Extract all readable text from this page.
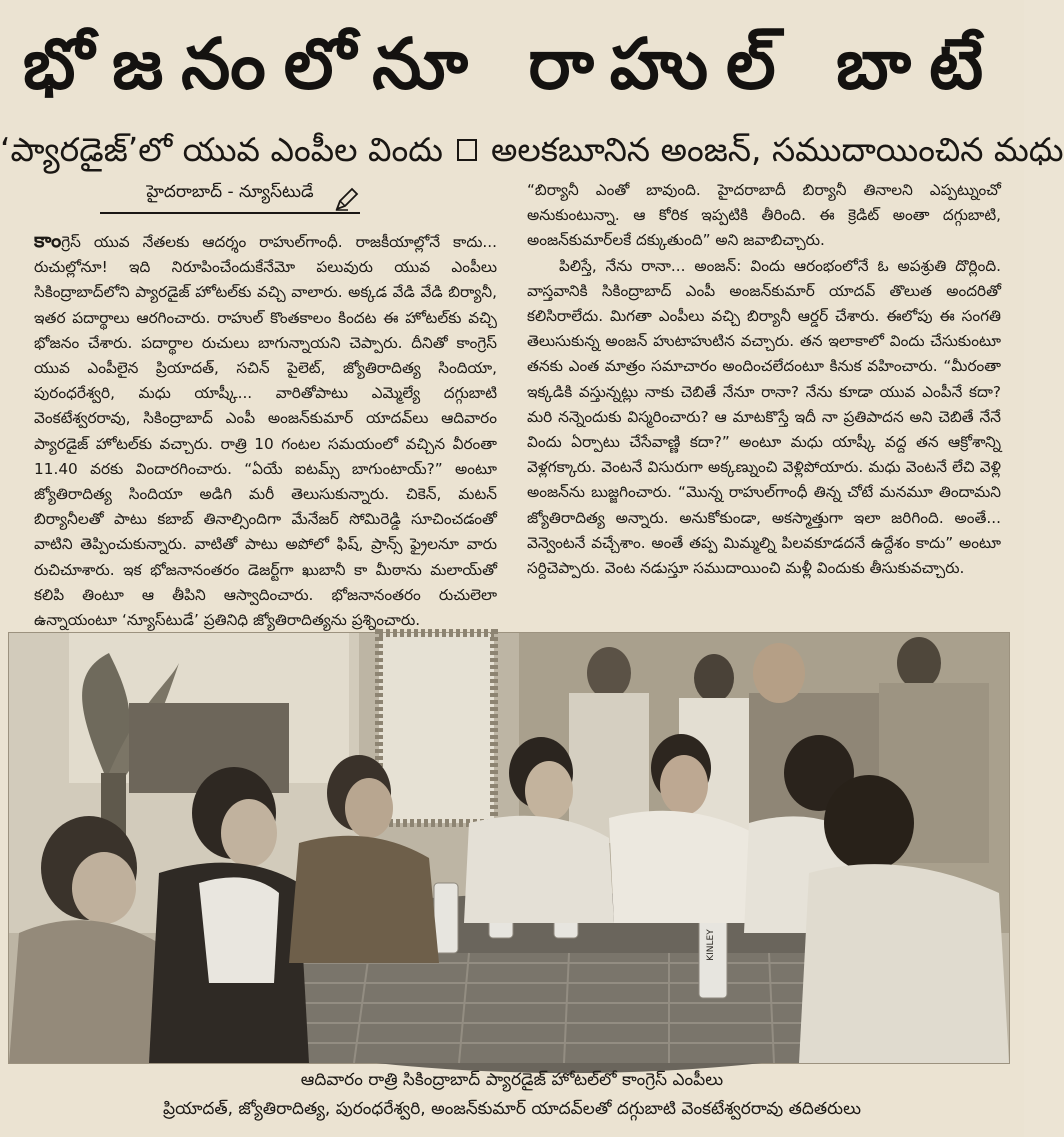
భోజనంలోనూ రాహుల్ బాటే
‘ప్యారడైజ్’లో యువ ఎంపీల విందు అలకబూనిన అంజన్, సముదాయించిన మధు
హైదరాబాద్ - న్యూస్‌టుడే

కాంగ్రెస్ యువ నేతలకు ఆదర్శం రాహుల్‌గాంధీ. రాజకీయాల్లోనే కాదు... రుచుల్లోనూ! ఇది నిరూపించేందుకేనేమో పలువురు యువ ఎంపీలు సికింద్రాబాద్‌లోని ప్యారడైజ్ హోటల్‌కు వచ్చి వాలారు. అక్కడ వేడి వేడి బిర్యానీ, ఇతర పదార్థాలు ఆరగించారు. రాహుల్ కొంతకాలం కిందట ఈ హోటల్‌కు వచ్చి భోజనం చేశారు. పదార్థాల రుచులు బాగున్నాయని చెప్పారు. దీనితో కాంగ్రెస్ యువ ఎంపీలైన ప్రియాదత్, సచిన్ పైలెట్, జ్యోతిరాదిత్య సిందియా, పురంధరేశ్వరి, మధు యాష్కీ... వారితోపాటు ఎమ్మెల్యే దగ్గుబాటి వెంకటేశ్వరరావు, సికింద్రాబాద్ ఎంపీ అంజన్‌కుమార్ యాదవ్‌లు ఆదివారం ప్యారడైజ్ హోటల్‌కు వచ్చారు. రాత్రి 10 గంటల సమయంలో వచ్చిన వీరంతా 11.40 వరకు విందారగించారు. “ఏయే ఐటమ్స్ బాగుంటాయ్?” అంటూ జ్యోతిరాదిత్య సిందియా అడిగి మరీ తెలుసుకున్నారు. చికెన్, మటన్ బిర్యానీలతో పాటు కబాబ్ తినాల్సిందిగా మేనేజర్ సోమిరెడ్డి సూచించడంతో వాటిని తెప్పించుకున్నారు. వాటితో పాటు అపోలో ఫిష్, ప్రాన్స్ ఫ్రైలనూ వారు రుచిచూశారు. ఇక భోజనానంతరం డెజర్ట్‌గా ఖుబానీ కా మీఠాను మలాయ్‌తో కలిపి తింటూ ఆ తీపిని ఆస్వాదించారు. భోజనానంతరం రుచులెలా ఉన్నాయంటూ ‘న్యూస్‌టుడే’ ప్రతినిధి జ్యోతిరాదిత్యను ప్రశ్నించారు.

“బిర్యానీ ఎంతో బావుంది. హైదరాబాదీ బిర్యానీ తినాలని ఎప్పట్నుంచో అనుకుంటున్నా. ఆ కోరిక ఇప్పటికి తీరింది. ఈ క్రెడిట్ అంతా దగ్గుబాటి, అంజన్‌కుమార్‌లకే దక్కుతుంది” అని జవాబిచ్చారు.

పిలిస్తే, నేను రానా... అంజన్: విందు ఆరంభంలోనే ఓ అపశ్రుతి దొర్లింది. వాస్తవానికి సికింద్రాబాద్ ఎంపీ అంజన్‌కుమార్ యాదవ్ తొలుత అందరితో కలిసిరాలేదు. మిగతా ఎంపీలు వచ్చి బిర్యానీ ఆర్డర్ చేశారు. ఈలోపు ఈ సంగతి తెలుసుకున్న అంజన్ హుటాహుటిన వచ్చారు. తన ఇలాకాలో విందు చేసుకుంటూ తనకు ఎంత మాత్రం సమాచారం అందించలేదంటూ కినుక వహించారు. “మీరంతా ఇక్కడికి వస్తున్నట్లు నాకు చెబితే నేనూ రానా? నేను కూడా యువ ఎంపీనే కదా? మరి నన్నెందుకు విస్మరించారు? ఆ మాటకొస్తే ఇదీ నా ప్రతిపాదన అని చెబితే నేనే విందు ఏర్పాటు చేసేవాణ్ణి కదా?” అంటూ మధు యాష్కీ వద్ద తన ఆక్రోశాన్ని వెళ్లగక్కారు. వెంటనే విసురుగా అక్కణ్నుంచి వెళ్లిపోయారు. మధు వెంటనే లేచి వెళ్లి అంజన్‌ను బుజ్జగించారు. “మొన్న రాహుల్‌గాంధీ తిన్న చోటే మనమూ తిందామని జ్యోతిరాదిత్య అన్నారు. అనుకోకుండా, అకస్మాత్తుగా ఇలా జరిగింది. అంతే... వెన్వెంటనే వచ్చేశాం. అంతే తప్ప మిమ్మల్ని పిలవకూడదనే ఉద్దేశం కాదు” అంటూ సర్దిచెప్పారు. వెంట నడుస్తూ సముదాయించి మళ్లీ విందుకు తీసుకువచ్చారు.

KINLEY
ఆదివారం రాత్రి సికింద్రాబాద్ ప్యారడైజ్ హోటల్‌లో కాంగ్రెస్ ఎంపీలు
ప్రియాదత్, జ్యోతిరాదిత్య, పురంధరేశ్వరి, అంజన్‌కుమార్ యాదవ్‌లతో దగ్గుబాటి వెంకటేశ్వరరావు తదితరులు
